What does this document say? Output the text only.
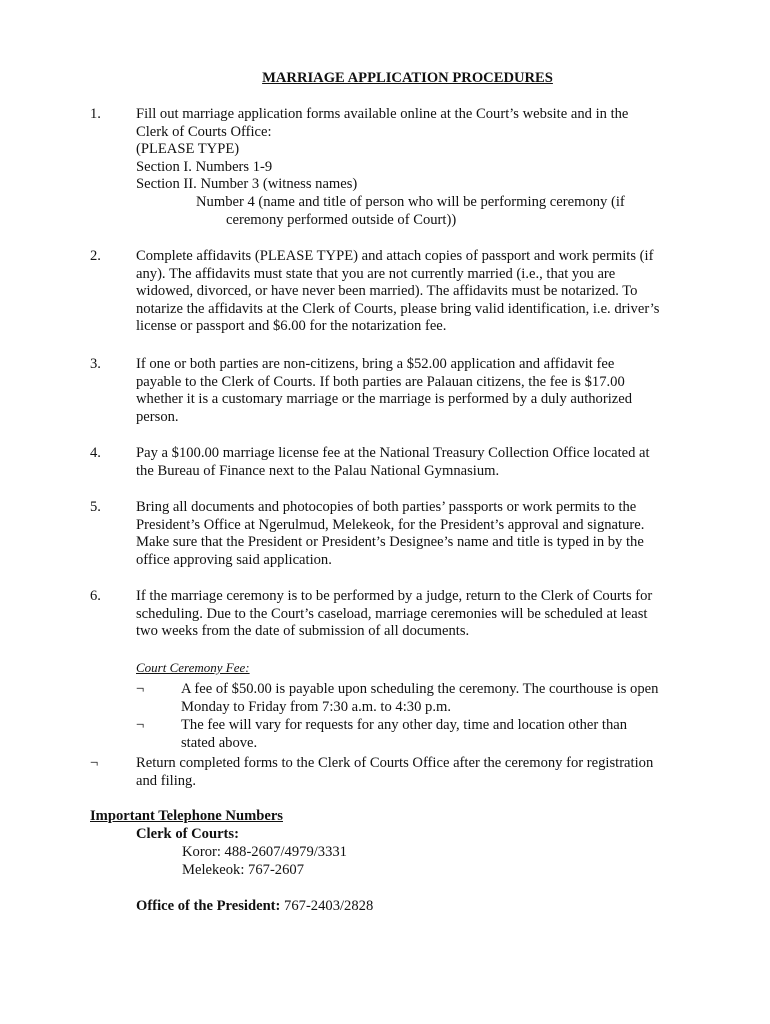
MARRIAGE APPLICATION PROCEDURES
1.	Fill out marriage application forms available online at the Court’s website and in the
Clerk of Courts Office:
(PLEASE TYPE)
Section I. Numbers 1-9
Section II. Number 3 (witness names)
Number 4 (name and title of person who will be performing ceremony (if
ceremony performed outside of Court))
2.	Complete affidavits (PLEASE TYPE) and attach copies of passport and work permits (if
any). The affidavits must state that you are not currently married (i.e., that you are
widowed, divorced, or have never been married). The affidavits must be notarized. To
notarize the affidavits at the Clerk of Courts, please bring valid identification, i.e. driver’s
license or passport and $6.00 for the notarization fee.
3.	If one or both parties are non-citizens, bring a $52.00 application and affidavit fee
payable to the Clerk of Courts. If both parties are Palauan citizens, the fee is $17.00
whether it is a customary marriage or the marriage is performed by a duly authorized
person.
4.	Pay a $100.00 marriage license fee at the National Treasury Collection Office located at
the Bureau of Finance next to the Palau National Gymnasium.
5.	Bring all documents and photocopies of both parties’ passports or work permits to the
President’s Office at Ngerulmud, Melekeok, for the President’s approval and signature.
Make sure that the President or President’s Designee’s name and title is typed in by the
office approving said application.
6.	If the marriage ceremony is to be performed by a judge, return to the Clerk of Courts for
scheduling. Due to the Court’s caseload, marriage ceremonies will be scheduled at least
two weeks from the date of submission of all documents.
Court Ceremony Fee:
¬	A fee of $50.00 is payable upon scheduling the ceremony. The courthouse is open
Monday to Friday from 7:30 a.m. to 4:30 p.m.
¬	The fee will vary for requests for any other day, time and location other than
stated above.
¬	Return completed forms to the Clerk of Courts Office after the ceremony for registration
and filing.
Important Telephone Numbers
Clerk of Courts:
Koror: 488-2607/4979/3331
Melekeok: 767-2607
Office of the President: 767-2403/2828
